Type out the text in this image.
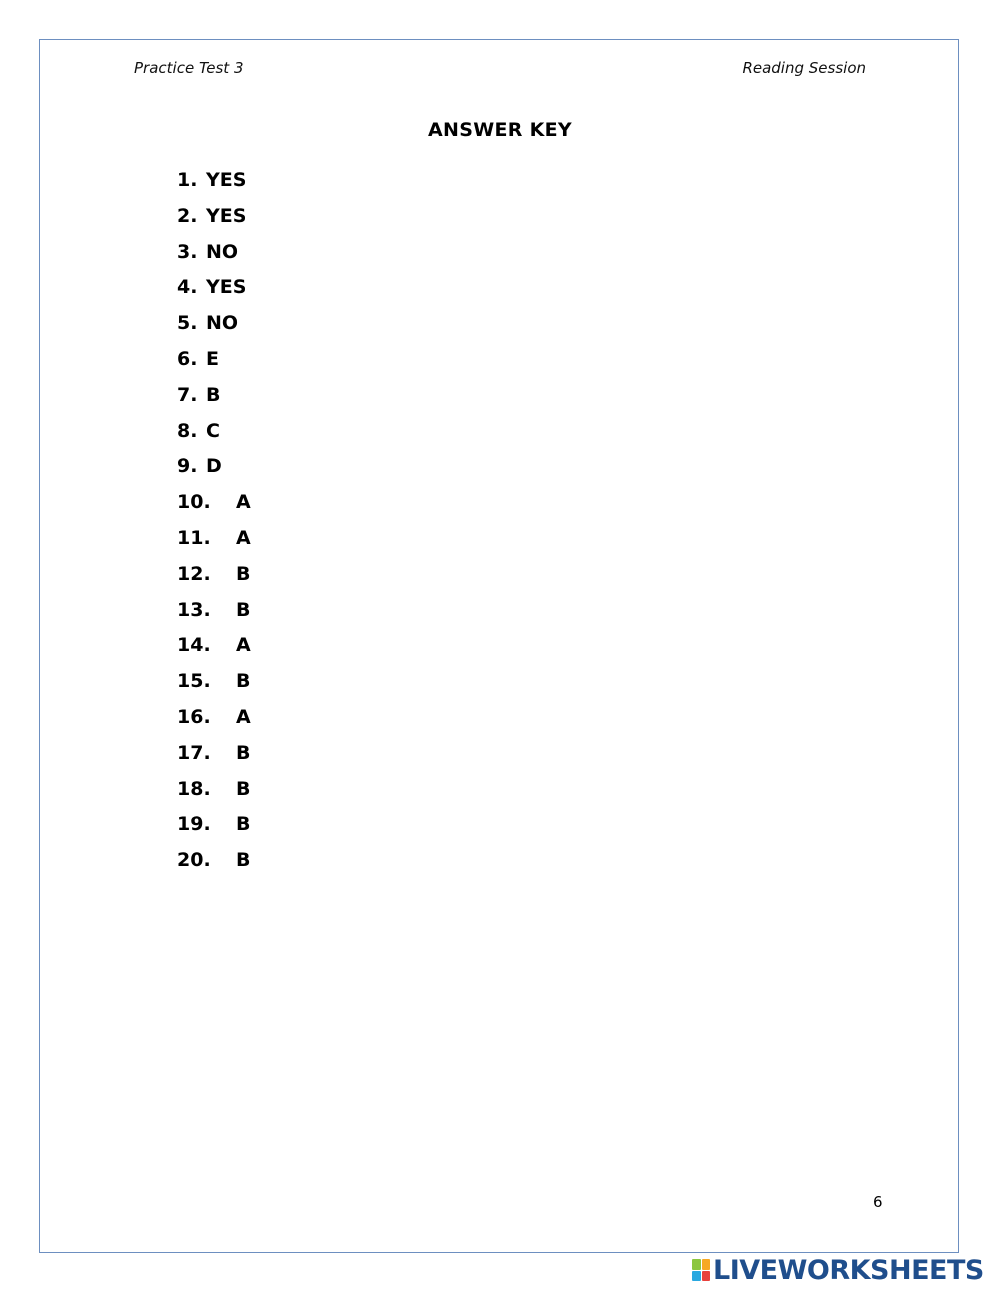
Practice Test 3	Reading Session
ANSWER KEY
1. YES
2. YES
3. NO
4. YES
5. NO
6. E
7. B
8. C
9. D
10.	A
11.	A
12.	B
13.	B
14.	A
15.	B
16.	A
17.	B
18.	B
19.	B
20.	B
6
LIVEWORKSHEETS
